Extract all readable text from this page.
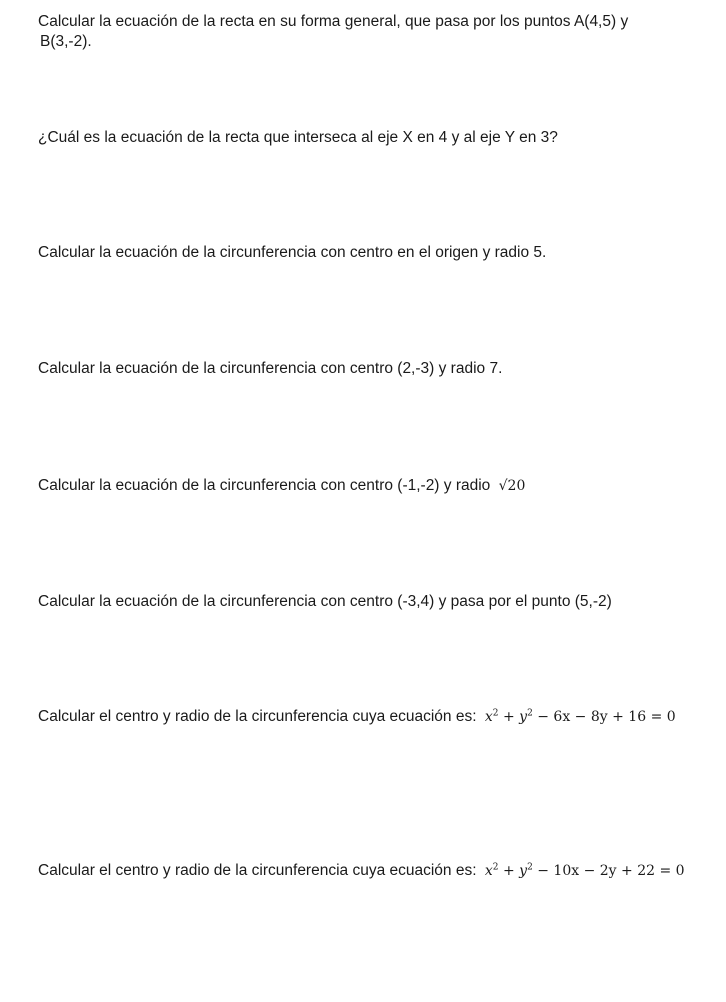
Calcular la ecuación de la recta en su forma general, que pasa por los puntos A(4,5) y
B(3,-2).
¿Cuál es la ecuación de la recta que interseca al eje X en 4 y al eje Y en 3?
Calcular la ecuación de la circunferencia con centro en el origen y radio 5.
Calcular la ecuación de la circunferencia con centro (2,-3) y radio 7.
Calcular la ecuación de la circunferencia con centro (-1,-2) y radio √20
Calcular la ecuación de la circunferencia con centro (-3,4) y pasa por el punto (5,-2)
Calcular el centro y radio de la circunferencia cuya ecuación es: $x^2 + y^2 - 6x - 8y + 16 = 0$
Calcular el centro y radio de la circunferencia cuya ecuación es: $x^2 + y^2 - 10x - 2y + 22 = 0$
